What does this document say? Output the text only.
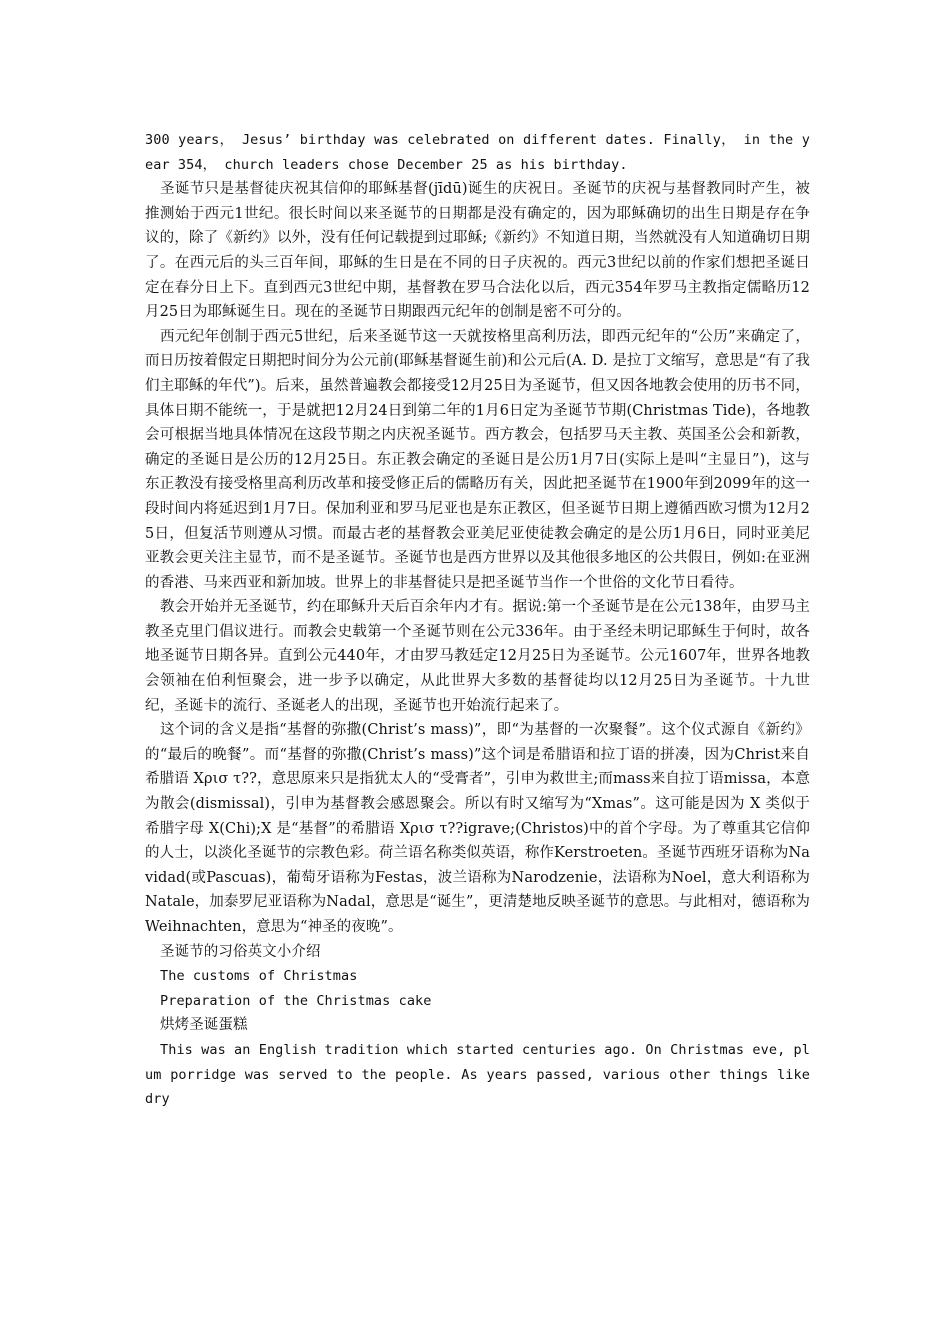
300 years， Jesus’ birthday was celebrated on different dates. Finally， in the year 354， church leaders chose December 25 as his birthday.

圣诞节只是基督徒庆祝其信仰的耶稣基督(jīdū)诞生的庆祝日。圣诞节的庆祝与基督教同时产生，被推测始于西元1世纪。很长时间以来圣诞节的日期都是没有确定的，因为耶稣确切的出生日期是存在争议的，除了《新约》以外，没有任何记载提到过耶稣;《新约》不知道日期，当然就没有人知道确切日期了。在西元后的头三百年间，耶稣的生日是在不同的日子庆祝的。西元3世纪以前的作家们想把圣诞日定在春分日上下。直到西元3世纪中期，基督教在罗马合法化以后，西元354年罗马主教指定儒略历12月25日为耶稣诞生日。现在的圣诞节日期跟西元纪年的创制是密不可分的。

西元纪年创制于西元5世纪，后来圣诞节这一天就按格里高利历法，即西元纪年的“公历”来确定了，而日历按着假定日期把时间分为公元前(耶稣基督诞生前)和公元后(A. D. 是拉丁文缩写，意思是“有了我们主耶稣的年代”)。后来，虽然普遍教会都接受12月25日为圣诞节，但又因各地教会使用的历书不同，具体日期不能统一，于是就把12月24日到第二年的1月6日定为圣诞节节期(Christmas Tide)，各地教会可根据当地具体情况在这段节期之内庆祝圣诞节。西方教会，包括罗马天主教、英国圣公会和新教，确定的圣诞日是公历的12月25日。东正教会确定的圣诞日是公历1月7日(实际上是叫“主显日”)，这与东正教没有接受格里高利历改革和接受修正后的儒略历有关，因此把圣诞节在1900年到2099年的这一段时间内将延迟到1月7日。保加利亚和罗马尼亚也是东正教区，但圣诞节日期上遵循西欧习惯为12月25日，但复活节则遵从习惯。而最古老的基督教会亚美尼亚使徒教会确定的是公历1月6日，同时亚美尼亚教会更关注主显节，而不是圣诞节。圣诞节也是西方世界以及其他很多地区的公共假日，例如:在亚洲的香港、马来西亚和新加坡。世界上的非基督徒只是把圣诞节当作一个世俗的文化节日看待。

教会开始并无圣诞节，约在耶稣升天后百余年内才有。据说:第一个圣诞节是在公元138年，由罗马主教圣克里门倡议进行。而教会史载第一个圣诞节则在公元336年。由于圣经未明记耶稣生于何时，故各地圣诞节日期各异。直到公元440年，才由罗马教廷定12月25日为圣诞节。公元1607年，世界各地教会领袖在伯利恒聚会，进一步予以确定，从此世界大多数的基督徒均以12月25日为圣诞节。十九世纪，圣诞卡的流行、圣诞老人的出现，圣诞节也开始流行起来了。

这个词的含义是指“基督的弥撒(Christ’s mass)”，即“为基督的一次聚餐”。这个仪式源自《新约》的“最后的晚餐”。而“基督的弥撒(Christ’s mass)”这个词是希腊语和拉丁语的拼凑，因为Christ来自希腊语 Χρισ τ??，意思原来只是指犹太人的“受膏者”，引申为救世主;而mass来自拉丁语missa，本意为散会(dismissal)，引申为基督教会感恩聚会。所以有时又缩写为“Xmas”。这可能是因为 X 类似于希腊字母 Χ(Chi);Χ 是“基督”的希腊语 Χρισ τ??igrave;(Christos)中的首个字母。为了尊重其它信仰的人士，以淡化圣诞节的宗教色彩。荷兰语名称类似英语，称作Kerstroeten。圣诞节西班牙语称为Navidad(或Pascuas)，葡萄牙语称为Festas，波兰语称为Narodzenie，法语称为Noel，意大利语称为Natale，加泰罗尼亚语称为Nadal，意思是“诞生”，更清楚地反映圣诞节的意思。与此相对，德语称为Weihnachten，意思为“神圣的夜晚”。

圣诞节的习俗英文小介绍

The customs of Christmas

Preparation of the Christmas cake

烘烤圣诞蛋糕

This was an English tradition which started centuries ago. On Christmas eve, plum porridge was served to the people. As years passed, various other things like dry
